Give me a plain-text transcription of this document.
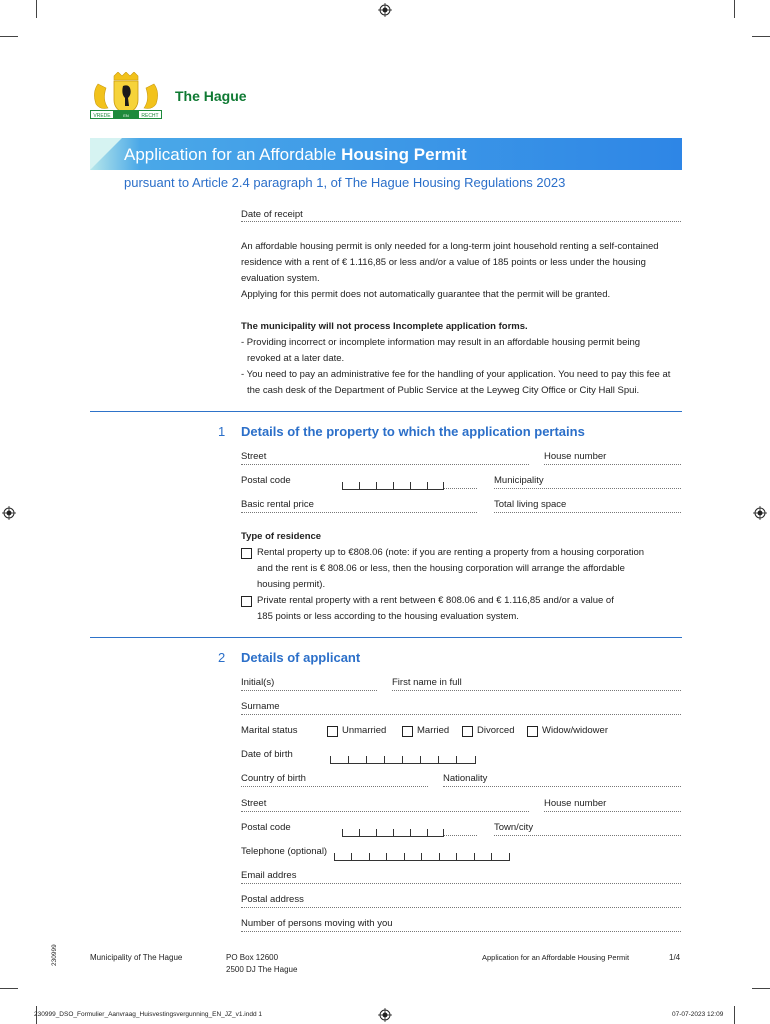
VREDE	EN	RECHT
The Hague
Application for an Affordable Housing Permit
pursuant to Article 2.4 paragraph 1, of The Hague Housing Regulations 2023
Date of receipt
An affordable housing permit is only needed for a long-term joint household renting a self-contained
residence with a rent of € 1.116,85 or less and/or a value of 185 points or less under the housing
evaluation system.
Applying for this permit does not automatically guarantee that the permit will be granted.
The municipality will not process Incomplete application forms.
- Providing incorrect or incomplete information may result in an affordable housing permit being
revoked at a later date.
- You need to pay an administrative fee for the handling of your application. You need to pay this fee at
the cash desk of the Department of Public Service at the Leyweg City Office or City Hall Spui.
1 Details of the property to which the application pertains
Street	House number
Postal code	Municipality
Basic rental price	Total living space
Type of residence
Rental property up to €808.06 (note: if you are renting a property from a housing corporation
and the rent is € 808.06 or less, then the housing corporation will arrange the affordable
housing permit).
Private rental property with a rent between € 808.06 and € 1.116,85 and/or a value of
185 points or less according to the housing evaluation system.
2 Details of applicant
Initial(s)	First name in full
Surname
Marital status	Unmarried	Married	Divorced	Widow/widower
Date of birth
Country of birth	Nationality
Street	House number
Postal code	Town/city
Telephone (optional)
Email addres
Postal address
Number of persons moving with you
230999	Municipality of The Hague	PO Box 12600
2500 DJ The Hague
Application for an Affordable Housing Permit	1/4
230999_DSO_Formulier_Aanvraag_Huisvestingsvergunning_EN_JZ_v1.indd 1	07-07-2023 12:09
